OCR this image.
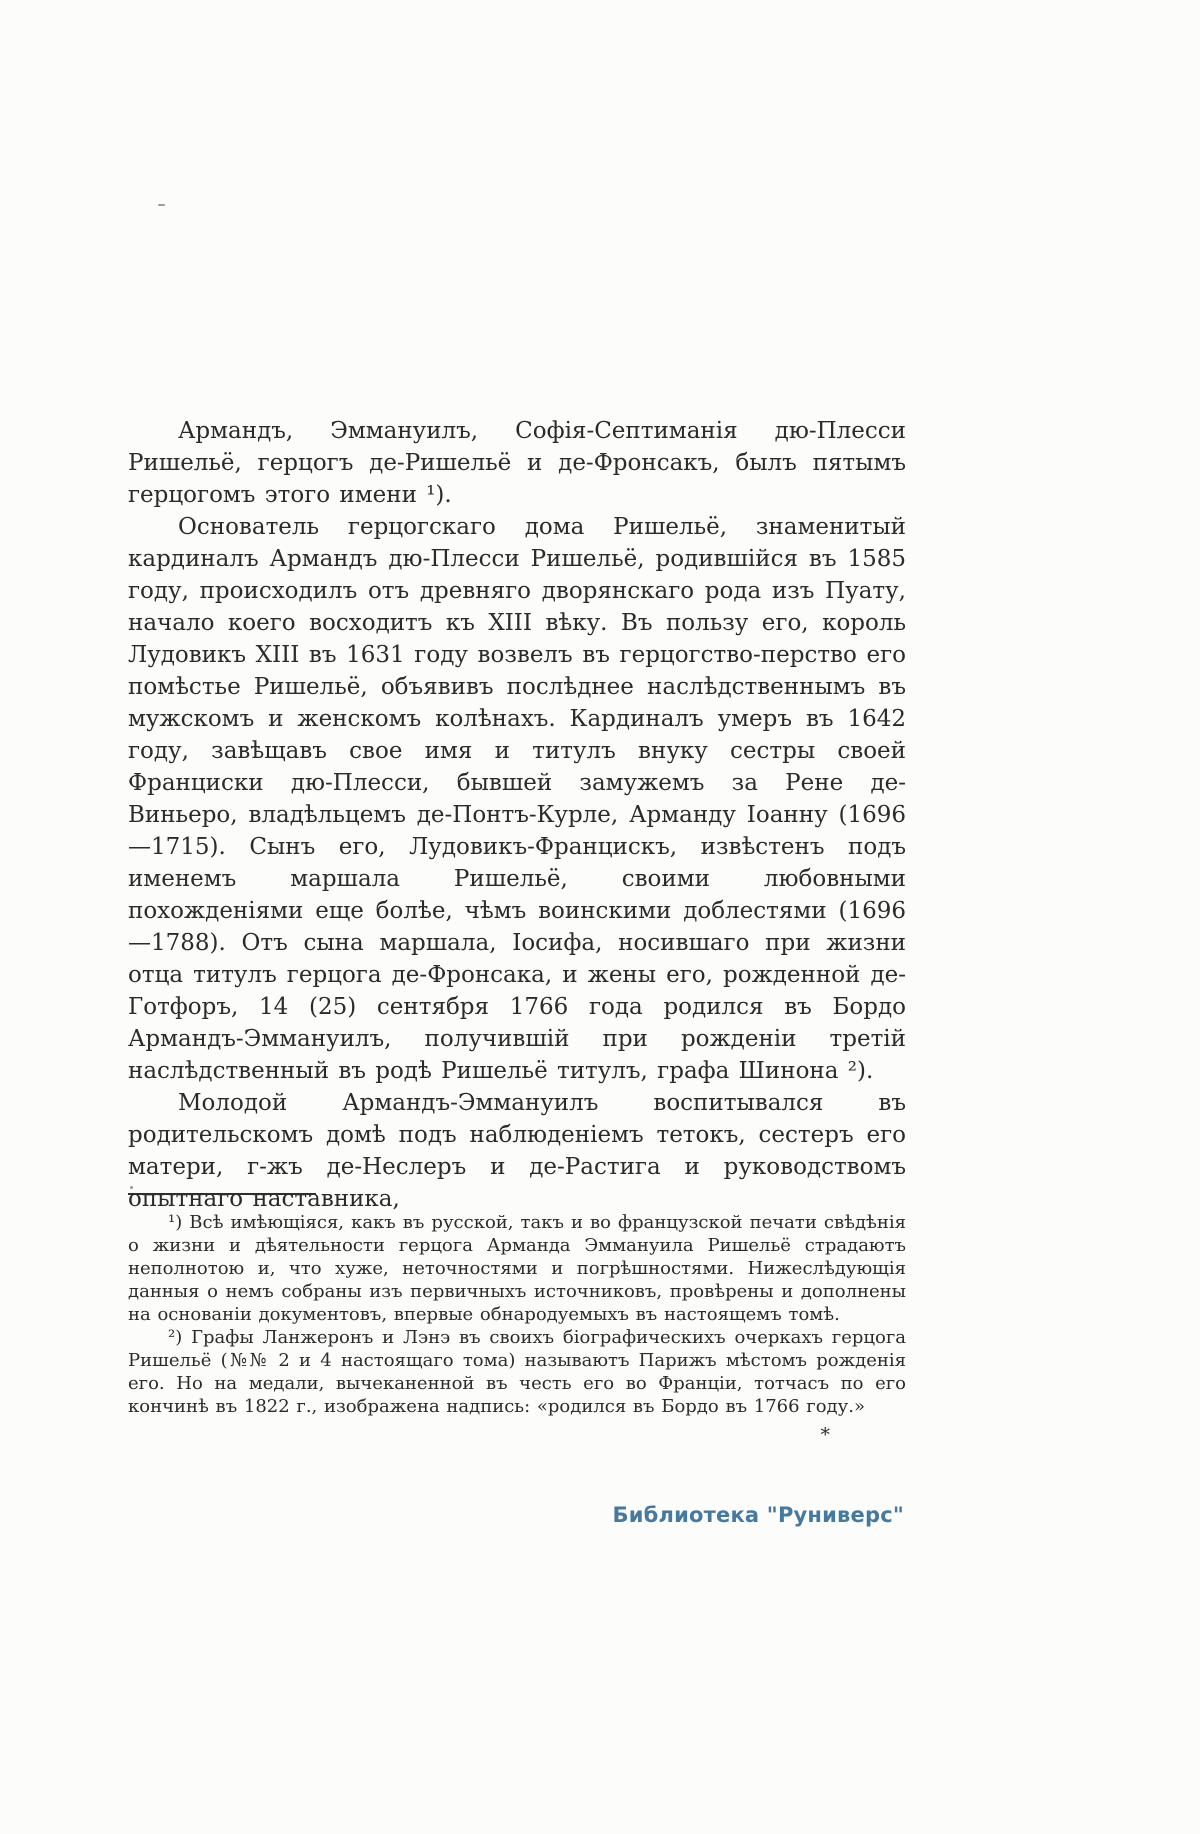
Армандъ, Эммануилъ, Софія-Септиманія дю-Плесси Ришельё, герцогъ де-Ришельё и де-Фронсакъ, былъ пятымъ герцогомъ этого имени ¹).

Основатель герцогскаго дома Ришельё, знаменитый кардиналъ Армандъ дю-Плесси Ришельё, родившійся въ 1585 году, происходилъ отъ древняго дворянскаго рода изъ Пуату, начало коего восходитъ къ XIII вѣку. Въ пользу его, король Лудовикъ XIII въ 1631 году возвелъ въ герцогство-перство его помѣстье Ришельё, объявивъ послѣднее наслѣдственнымъ въ мужскомъ и женскомъ колѣнахъ. Кардиналъ умеръ въ 1642 году, завѣщавъ свое имя и титулъ внуку сестры своей Франциски дю-Плесси, бывшей замужемъ за Рене де-Виньеро, владѣльцемъ де-Понтъ-Курле, Арманду Іоанну (1696—1715). Сынъ его, Лудовикъ-Францискъ, извѣстенъ подъ именемъ маршала Ришельё, своими любовными похожденіями еще болѣе, чѣмъ воинскими доблестями (1696—1788). Отъ сына маршала, Іосифа, носившаго при жизни отца титулъ герцога де-Фронсака, и жены его, рожденной де-Готфоръ, 14 (25) сентября 1766 года родился въ Бордо Армандъ-Эммануилъ, получившій при рожденіи третій наслѣдственный въ родѣ Ришельё титулъ, графа Шинона ²).

Молодой Армандъ-Эммануилъ воспитывался въ родительскомъ домѣ подъ наблюденіемъ тетокъ, сестеръ его матери, г-жъ де-Неслеръ и де-Растига и руководствомъ опытнаго наставника,

¹) Всѣ имѣющіяся, какъ въ русской, такъ и во французской печати свѣдѣнія о жизни и дѣятельности герцога Арманда Эммануила Ришельё страдаютъ неполнотою и, что хуже, неточностями и погрѣшностями. Нижеслѣдующія данныя о немъ собраны изъ первичныхъ источниковъ, провѣрены и дополнены на основаніи документовъ, впервые обнародуемыхъ въ настоящемъ томѣ.

²) Графы Ланжеронъ и Лэнэ въ своихъ біографическихъ очеркахъ герцога Ришельё (№№ 2 и 4 настоящаго тома) называютъ Парижъ мѣстомъ рожденія его. Но на медали, вычеканенной въ честь его во Франціи, тотчасъ по его кончинѣ въ 1822 г., изображена надпись: «родился въ Бордо въ 1766 году.»

*
Библиотека "Руниверс"
